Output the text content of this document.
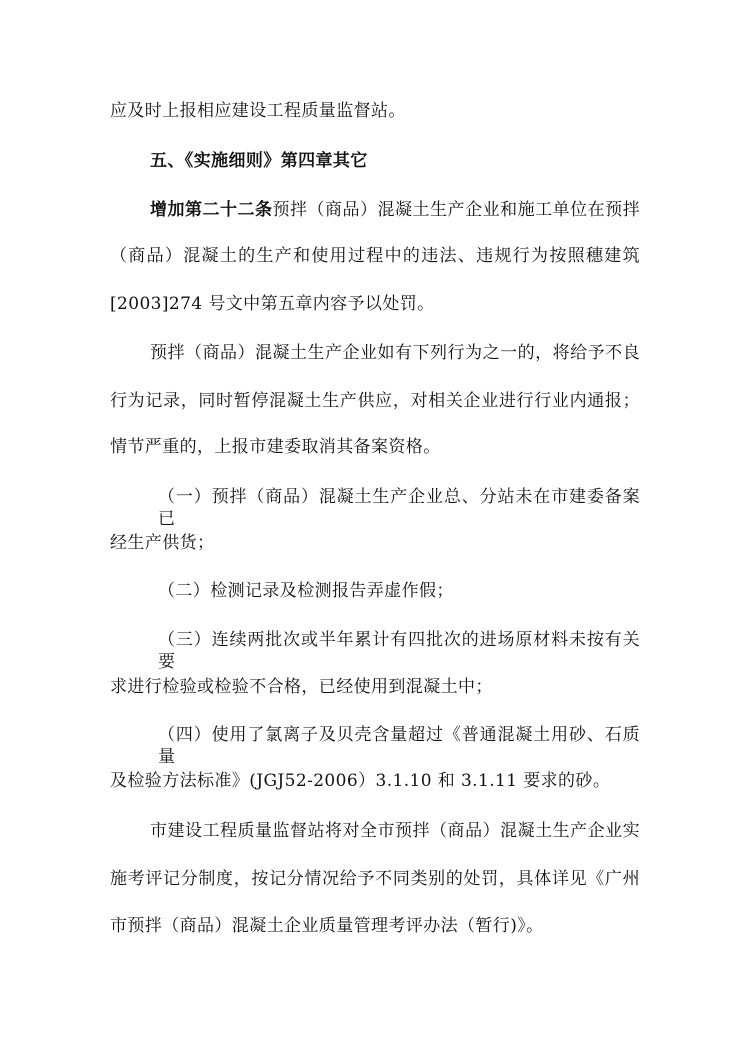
应及时上报相应建设工程质量监督站。
五、《实施细则》第四章其它
增加第二十二条预拌（商品）混凝土生产企业和施工单位在预拌
（商品）混凝土的生产和使用过程中的违法、违规行为按照穗建筑
[2003]274 号文中第五章内容予以处罚。
预拌（商品）混凝土生产企业如有下列行为之一的，将给予不良
行为记录，同时暂停混凝土生产供应，对相关企业进行行业内通报；
情节严重的，上报市建委取消其备案资格。
（一）预拌（商品）混凝土生产企业总、分站未在市建委备案已
经生产供货；
（二）检测记录及检测报告弄虚作假；
（三）连续两批次或半年累计有四批次的进场原材料未按有关要
求进行检验或检验不合格，已经使用到混凝土中；
（四）使用了氯离子及贝壳含量超过《普通混凝土用砂、石质量
及检验方法标准》(JGJ52-2006）3.1.10 和 3.1.11 要求的砂。
市建设工程质量监督站将对全市预拌（商品）混凝土生产企业实
施考评记分制度，按记分情况给予不同类别的处罚，具体详见《广州
市预拌（商品）混凝土企业质量管理考评办法（暂行)》。
